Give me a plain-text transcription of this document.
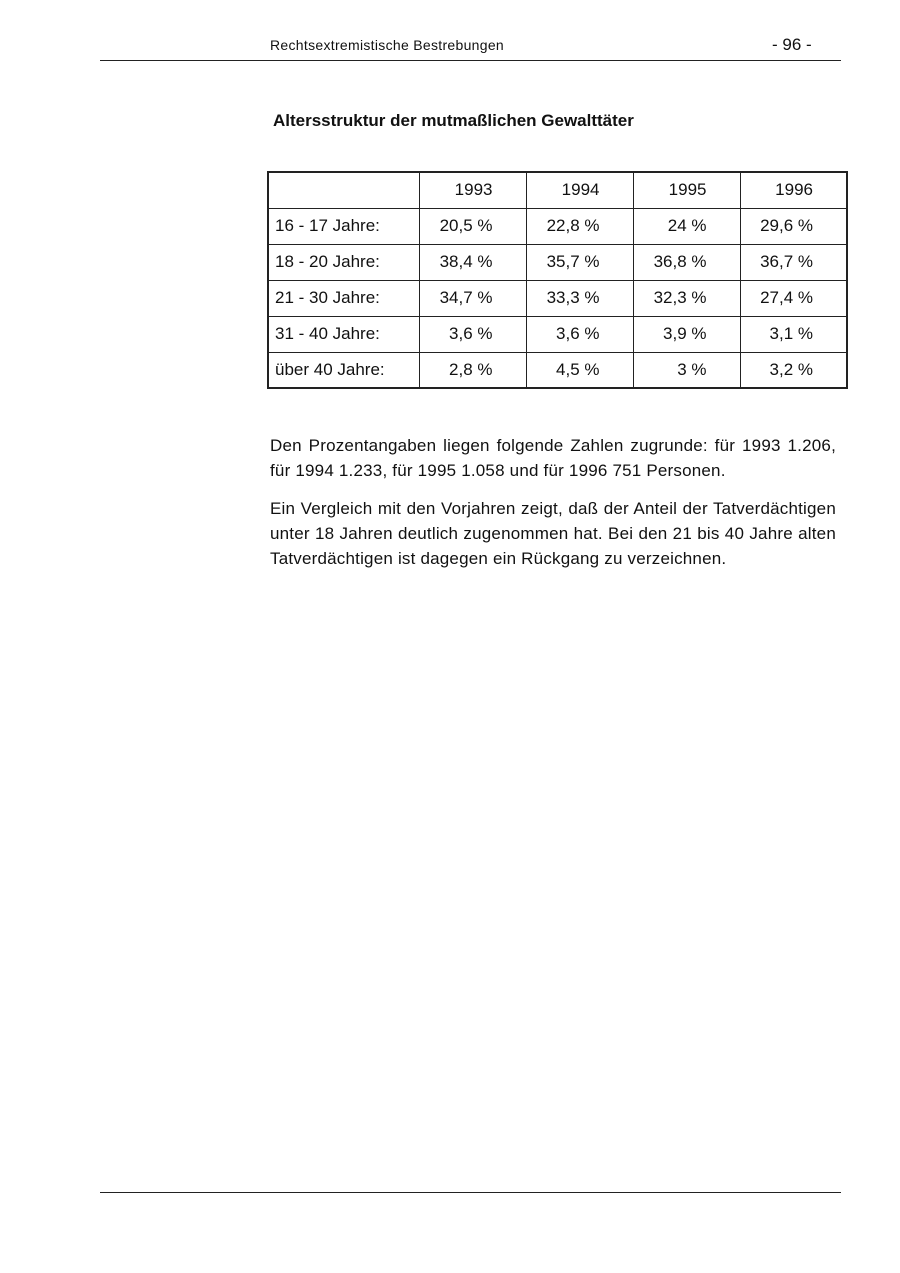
Rechtsextremistische Bestrebungen	- 96 -
Altersstruktur der mutmaßlichen Gewalttäter
	1993	1994	1995	1996
16 - 17 Jahre:	20,5 %	22,8 %	24 %	29,6 %
18 - 20 Jahre:	38,4 %	35,7 %	36,8 %	36,7 %
21 - 30 Jahre:	34,7 %	33,3 %	32,3 %	27,4 %
31 - 40 Jahre:	3,6 %	3,6 %	3,9 %	3,1 %
über 40 Jahre:	2,8 %	4,5 %	3 %	3,2 %

Den Prozentangaben liegen folgende Zahlen zugrunde: für 1993 1.206, für 1994 1.233, für 1995 1.058 und für 1996 751 Personen.

Ein Vergleich mit den Vorjahren zeigt, daß der Anteil der Tatverdächtigen unter 18 Jahren deutlich zugenommen hat. Bei den 21 bis 40 Jahre alten Tatverdächtigen ist dagegen ein Rückgang zu verzeichnen.
